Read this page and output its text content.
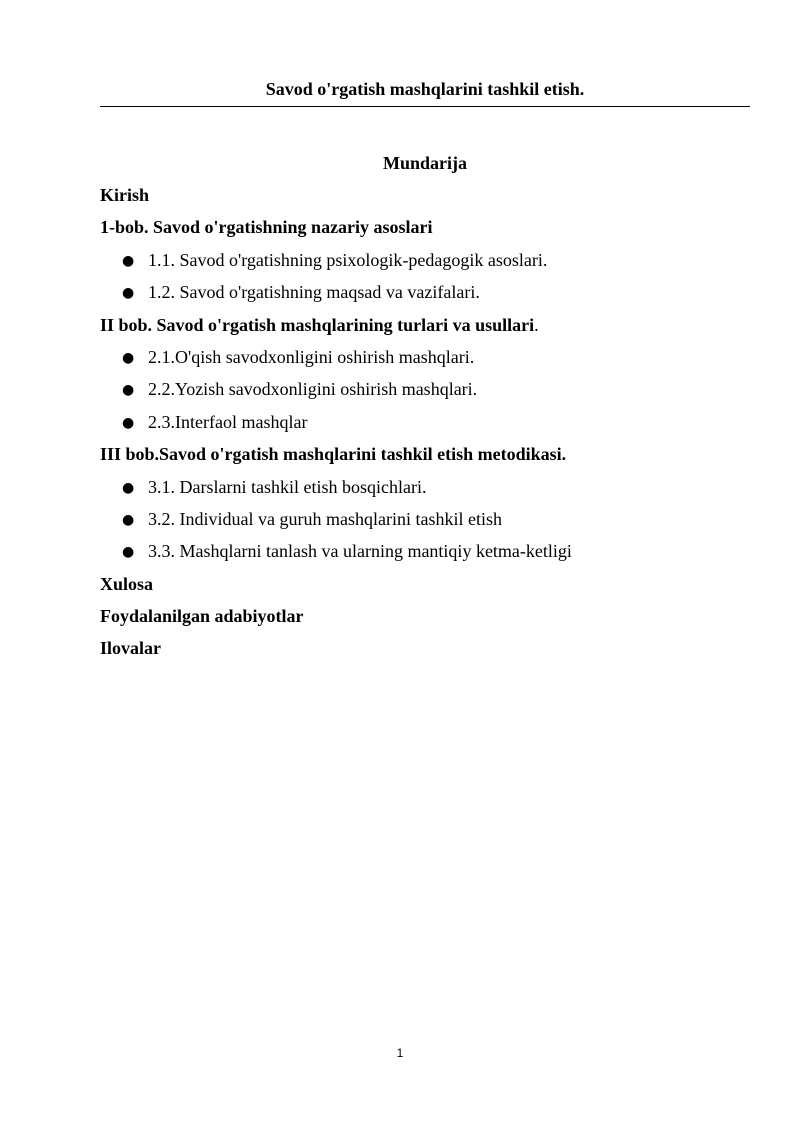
Savod o'rgatish mashqlarini tashkil etish.
Mundarija
Kirish
1-bob. Savod o'rgatishning nazariy asoslari
● 1.1. Savod o'rgatishning psixologik-pedagogik asoslari.
● 1.2. Savod o'rgatishning maqsad va vazifalari.
II bob. Savod o'rgatish mashqlarining turlari va usullari.
● 2.1.O'qish savodxonligini oshirish mashqlari.
● 2.2.Yozish savodxonligini oshirish mashqlari.
● 2.3.Interfaol mashqlar
III bob.Savod o'rgatish mashqlarini tashkil etish metodikasi.
● 3.1. Darslarni tashkil etish bosqichlari.
● 3.2. Individual va guruh mashqlarini tashkil etish
● 3.3. Mashqlarni tanlash va ularning mantiqiy ketma-ketligi
Xulosa
Foydalanilgan adabiyotlar
Ilovalar
1
